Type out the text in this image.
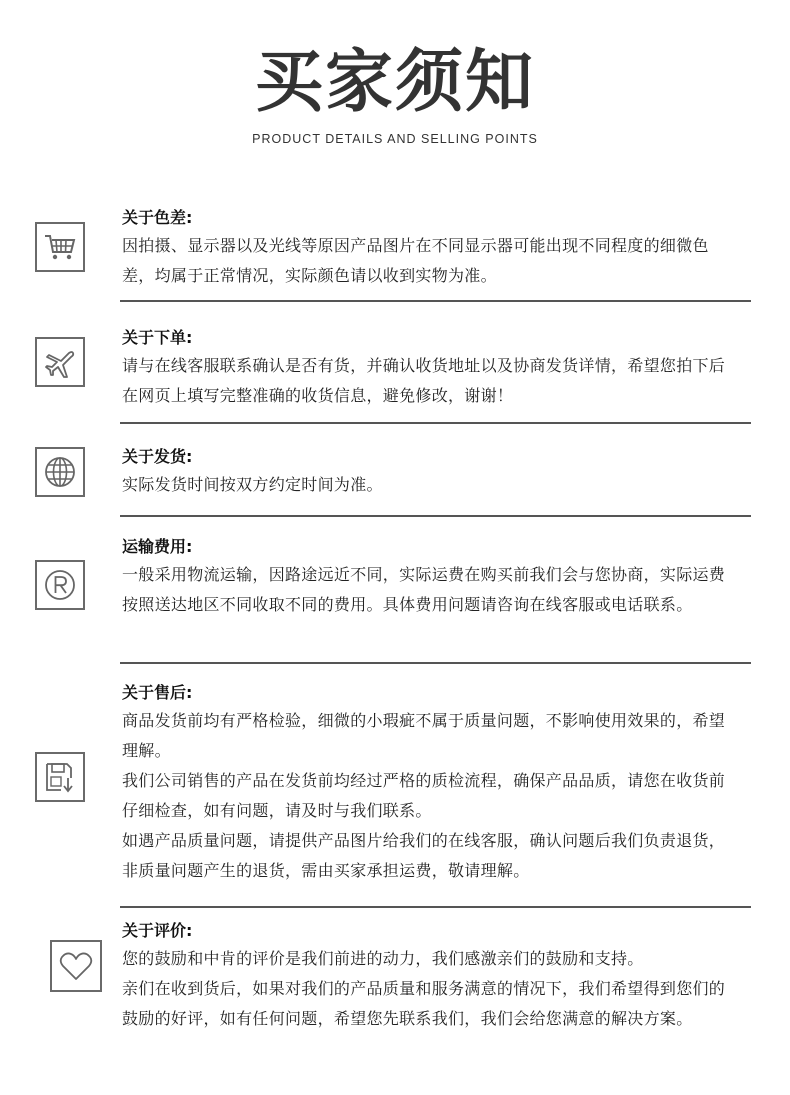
买家须知
PRODUCT DETAILS AND SELLING POINTS
关于色差:
因拍摄、显示器以及光线等原因产品图片在不同显示器可能出现不同程度的细微色差，均属于正常情况，实际颜色请以收到实物为准。
关于下单:
请与在线客服联系确认是否有货，并确认收货地址以及协商发货详情，希望您拍下后在网页上填写完整准确的收货信息，避免修改，谢谢！
关于发货:
实际发货时间按双方约定时间为准。
运输费用:
一般采用物流运输，因路途远近不同，实际运费在购买前我们会与您协商，实际运费按照送达地区不同收取不同的费用。具体费用问题请咨询在线客服或电话联系。
关于售后:
商品发货前均有严格检验，细微的小瑕疵不属于质量问题，不影响使用效果的，希望理解。
我们公司销售的产品在发货前均经过严格的质检流程，确保产品品质，请您在收货前仔细检查，如有问题，请及时与我们联系。
如遇产品质量问题，请提供产品图片给我们的在线客服，确认问题后我们负责退货，非质量问题产生的退货，需由买家承担运费，敬请理解。
关于评价:
您的鼓励和中肯的评价是我们前进的动力，我们感激亲们的鼓励和支持。
亲们在收到货后，如果对我们的产品质量和服务满意的情况下，我们希望得到您们的鼓励的好评，如有任何问题，希望您先联系我们，我们会给您满意的解决方案。
